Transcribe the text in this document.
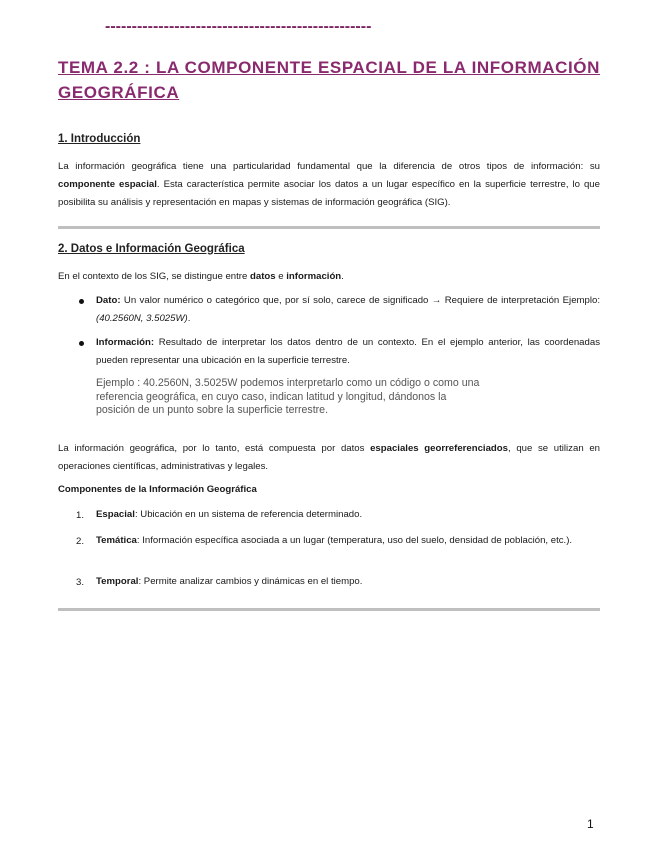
--------------------------------------------------
TEMA 2.2 : LA COMPONENTE ESPACIAL DE LA INFORMACIÓN GEOGRÁFICA
1. Introducción
La información geográfica tiene una particularidad fundamental que la diferencia de otros tipos de información: su componente espacial. Esta característica permite asociar los datos a un lugar específico en la superficie terrestre, lo que posibilita su análisis y representación en mapas y sistemas de información geográfica (SIG).
2. Datos e Información Geográfica
En el contexto de los SIG, se distingue entre datos e información.
Dato: Un valor numérico o categórico que, por sí solo, carece de significado → Requiere de interpretación Ejemplo: (40.2560N, 3.5025W).
Información: Resultado de interpretar los datos dentro de un contexto. En el ejemplo anterior, las coordenadas pueden representar una ubicación en la superficie terrestre.
Ejemplo : 40.2560N, 3.5025W podemos interpretarlo como un código o como una
referencia geográfica, en cuyo caso, indican latitud y longitud, dándonos la
posición de un punto sobre la superficie terrestre.
La información geográfica, por lo tanto, está compuesta por datos espaciales georreferenciados, que se utilizan en operaciones científicas, administrativas y legales.
Componentes de la Información Geográfica
1.	Espacial: Ubicación en un sistema de referencia determinado.
2.	Temática: Información específica asociada a un lugar (temperatura, uso del suelo, densidad de población, etc.).
3.	Temporal: Permite analizar cambios y dinámicas en el tiempo.
1
